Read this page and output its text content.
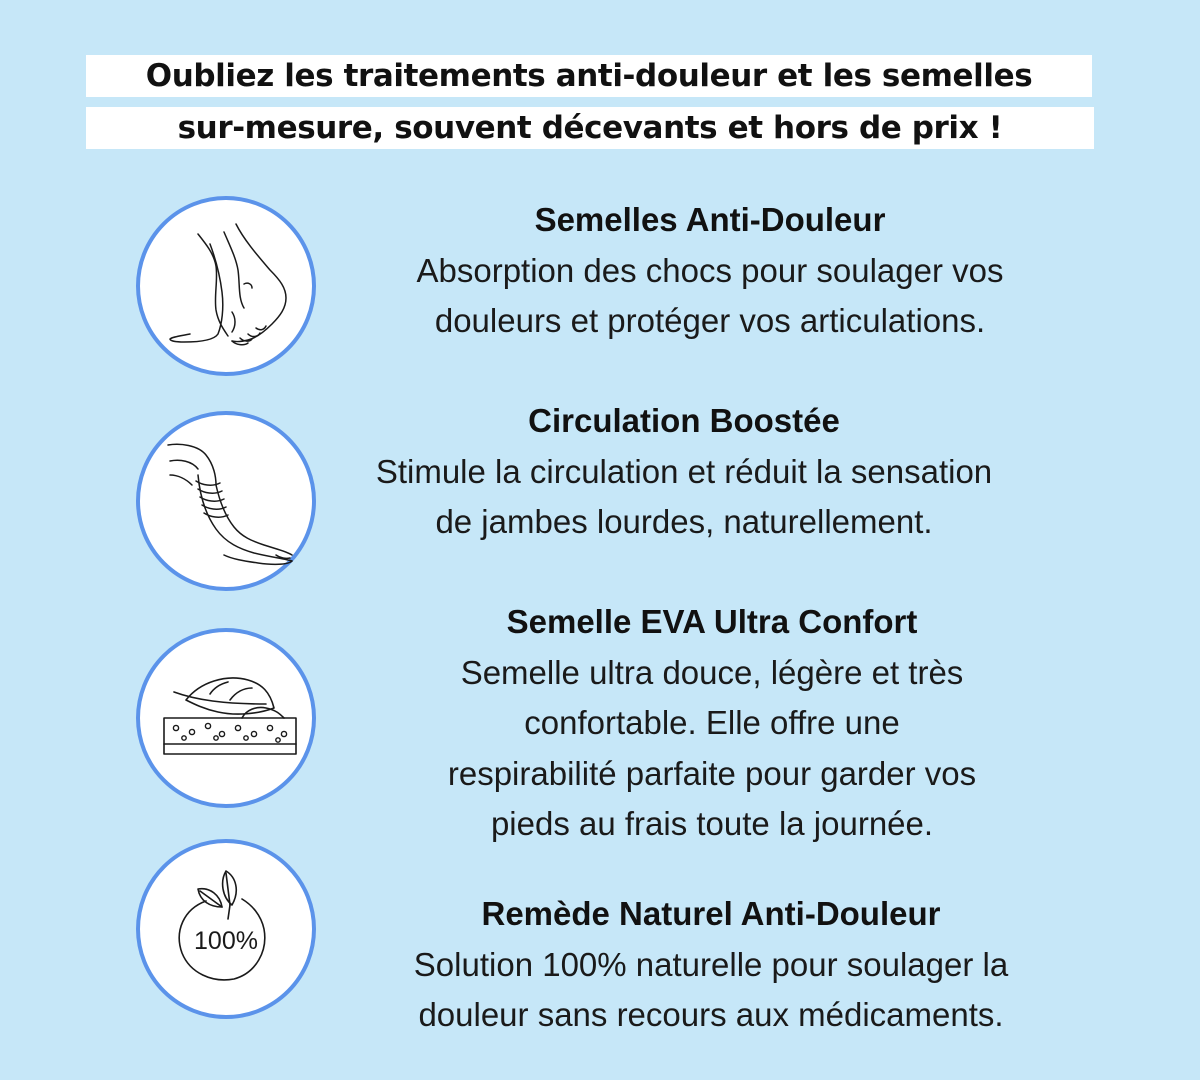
Oubliez les traitements anti-douleur et les semelles
sur-mesure, souvent décevants et hors de prix !
Semelles Anti-Douleur
Absorption des chocs pour soulager vos
douleurs et protéger vos articulations.
Circulation Boostée
Stimule la circulation et réduit la sensation
de jambes lourdes, naturellement.
Semelle EVA Ultra Confort
Semelle ultra douce, légère et très
confortable. Elle offre une
respirabilité parfaite pour garder vos
pieds au frais toute la journée.
100%
Remède Naturel Anti-Douleur
Solution 100% naturelle pour soulager la
douleur sans recours aux médicaments.
